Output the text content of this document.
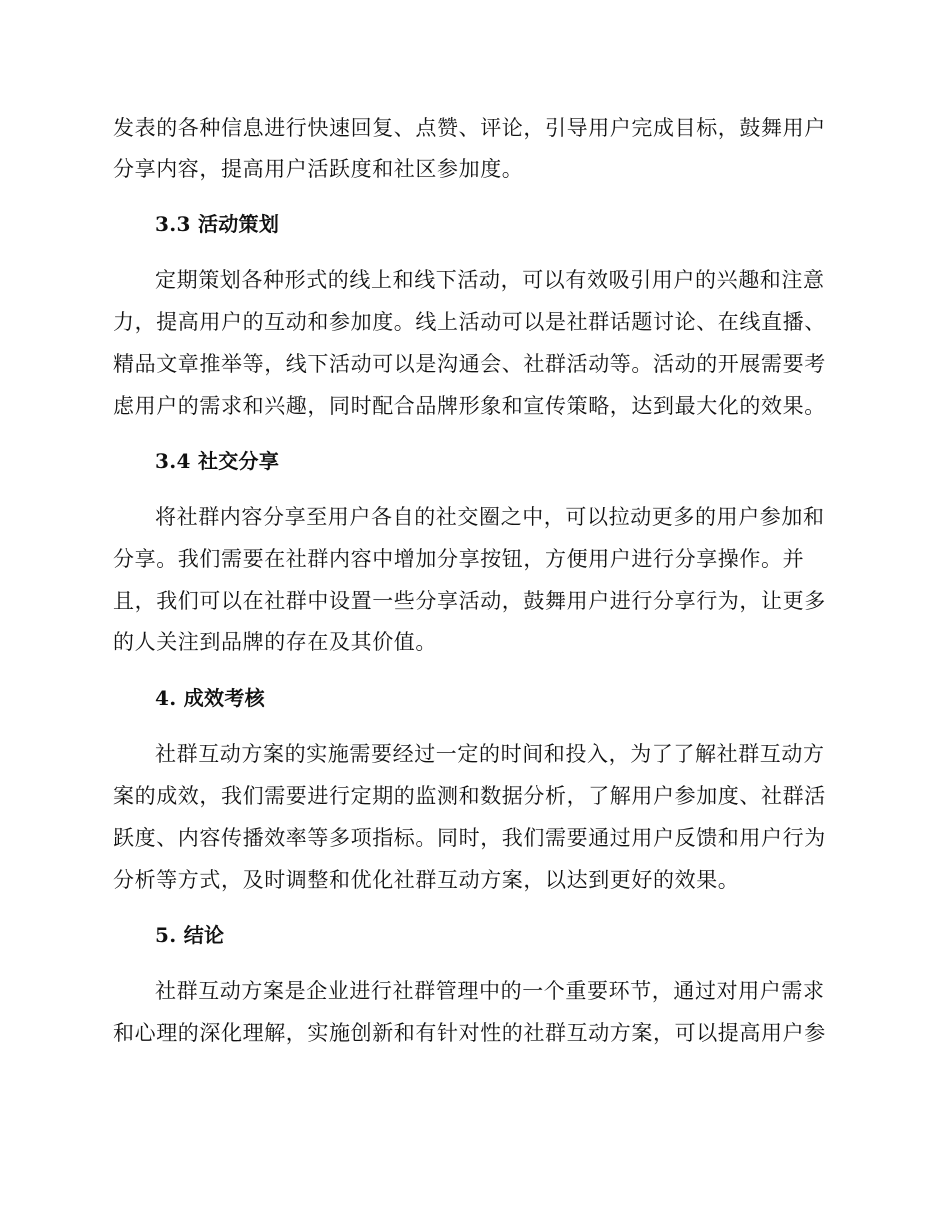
发表的各种信息进行快速回复、点赞、评论，引导用户完成目标，鼓舞用户
分享内容，提高用户活跃度和社区参加度。
3.3 活动策划
定期策划各种形式的线上和线下活动，可以有效吸引用户的兴趣和注意
力，提高用户的互动和参加度。线上活动可以是社群话题讨论、在线直播、
精品文章推举等，线下活动可以是沟通会、社群活动等。活动的开展需要考
虑用户的需求和兴趣，同时配合品牌形象和宣传策略，达到最大化的效果。
3.4 社交分享
将社群内容分享至用户各自的社交圈之中，可以拉动更多的用户参加和
分享。我们需要在社群内容中增加分享按钮，方便用户进行分享操作。并
且，我们可以在社群中设置一些分享活动，鼓舞用户进行分享行为，让更多
的人关注到品牌的存在及其价值。
4. 成效考核
社群互动方案的实施需要经过一定的时间和投入，为了了解社群互动方
案的成效，我们需要进行定期的监测和数据分析，了解用户参加度、社群活
跃度、内容传播效率等多项指标。同时，我们需要通过用户反馈和用户行为
分析等方式，及时调整和优化社群互动方案，以达到更好的效果。
5. 结论
社群互动方案是企业进行社群管理中的一个重要环节，通过对用户需求
和心理的深化理解，实施创新和有针对性的社群互动方案，可以提高用户参
